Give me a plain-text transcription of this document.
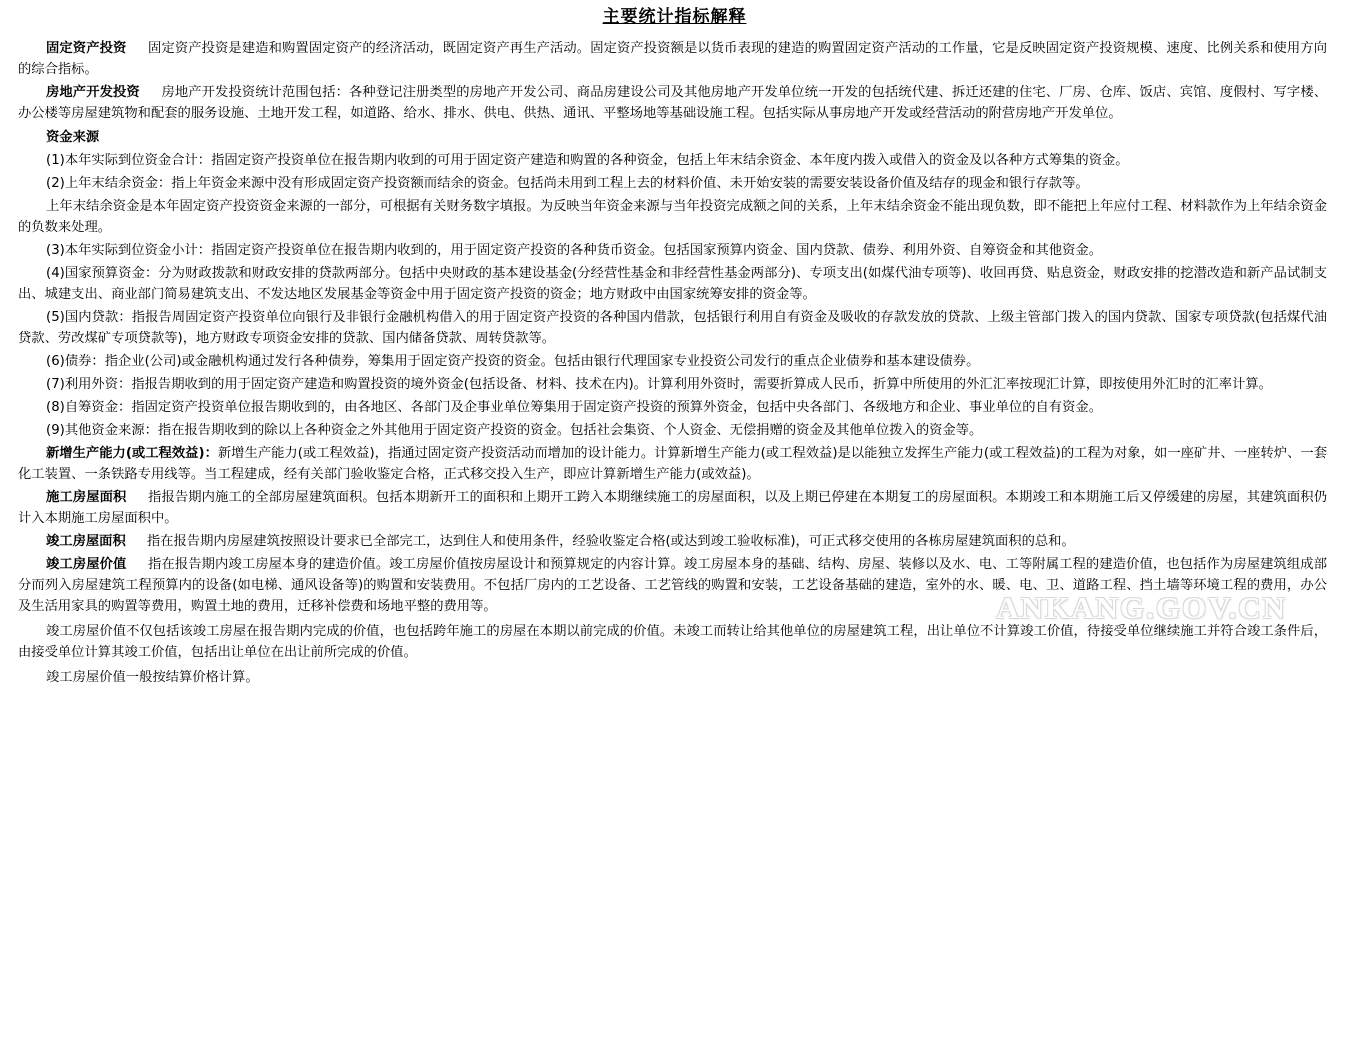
主要统计指标解释

固定资产投资 固定资产投资是建造和购置固定资产的经济活动，既固定资产再生产活动。固定资产投资额是以货币表现的建造的购置固定资产活动的工作量，它是反映固定资产投资规模、速度、比例关系和使用方向的综合指标。

房地产开发投资 房地产开发投资统计范围包括：各种登记注册类型的房地产开发公司、商品房建设公司及其他房地产开发单位统一开发的包括统代建、拆迁还建的住宅、厂房、仓库、饭店、宾馆、度假村、写字楼、办公楼等房屋建筑物和配套的服务设施、土地开发工程，如道路、给水、排水、供电、供热、通讯、平整场地等基础设施工程。包括实际从事房地产开发或经营活动的附营房地产开发单位。

资金来源

(1)本年实际到位资金合计：指固定资产投资单位在报告期内收到的可用于固定资产建造和购置的各种资金，包括上年末结余资金、本年度内拨入或借入的资金及以各种方式筹集的资金。

(2)上年末结余资金：指上年资金来源中没有形成固定资产投资额而结余的资金。包括尚未用到工程上去的材料价值、未开始安装的需要安装设备价值及结存的现金和银行存款等。

上年末结余资金是本年固定资产投资资金来源的一部分，可根据有关财务数字填报。为反映当年资金来源与当年投资完成额之间的关系，上年末结余资金不能出现负数，即不能把上年应付工程、材料款作为上年结余资金的负数来处理。

(3)本年实际到位资金小计：指固定资产投资单位在报告期内收到的，用于固定资产投资的各种货币资金。包括国家预算内资金、国内贷款、债券、利用外资、自筹资金和其他资金。

(4)国家预算资金：分为财政拨款和财政安排的贷款两部分。包括中央财政的基本建设基金(分经营性基金和非经营性基金两部分)、专项支出(如煤代油专项等)、收回再贷、贴息资金，财政安排的挖潜改造和新产品试制支出、城建支出、商业部门简易建筑支出、不发达地区发展基金等资金中用于固定资产投资的资金；地方财政中由国家统筹安排的资金等。

(5)国内贷款：指报告周固定资产投资单位向银行及非银行金融机构借入的用于固定资产投资的各种国内借款，包括银行利用自有资金及吸收的存款发放的贷款、上级主管部门拨入的国内贷款、国家专项贷款(包括煤代油贷款、劳改煤矿专项贷款等)，地方财政专项资金安排的贷款、国内储备贷款、周转贷款等。

(6)债券：指企业(公司)或金融机构通过发行各种债券，筹集用于固定资产投资的资金。包括由银行代理国家专业投资公司发行的重点企业债券和基本建设债券。

(7)利用外资：指报告期收到的用于固定资产建造和购置投资的境外资金(包括设备、材料、技术在内)。计算利用外资时，需要折算成人民币，折算中所使用的外汇汇率按现汇计算，即按使用外汇时的汇率计算。

(8)自筹资金：指固定资产投资单位报告期收到的，由各地区、各部门及企事业单位筹集用于固定资产投资的预算外资金，包括中央各部门、各级地方和企业、事业单位的自有资金。

(9)其他资金来源：指在报告期收到的除以上各种资金之外其他用于固定资产投资的资金。包括社会集资、个人资金、无偿捐赠的资金及其他单位拨入的资金等。

新增生产能力(或工程效益)：新增生产能力(或工程效益)，指通过固定资产投资活动而增加的设计能力。计算新增生产能力(或工程效益)是以能独立发挥生产能力(或工程效益)的工程为对象，如一座矿井、一座转炉、一套化工装置、一条铁路专用线等。当工程建成，经有关部门验收鉴定合格，正式移交投入生产，即应计算新增生产能力(或效益)。

施工房屋面积 指报告期内施工的全部房屋建筑面积。包括本期新开工的面积和上期开工跨入本期继续施工的房屋面积，以及上期已停建在本期复工的房屋面积。本期竣工和本期施工后又停缓建的房屋，其建筑面积仍计入本期施工房屋面积中。

竣工房屋面积 指在报告期内房屋建筑按照设计要求已全部完工，达到住人和使用条件，经验收鉴定合格(或达到竣工验收标准)，可正式移交使用的各栋房屋建筑面积的总和。

竣工房屋价值 指在报告期内竣工房屋本身的建造价值。竣工房屋价值按房屋设计和预算规定的内容计算。竣工房屋本身的基础、结构、房屋、装修以及水、电、工等附属工程的建造价值，也包括作为房屋建筑组成部分而列入房屋建筑工程预算内的设备(如电梯、通风设备等)的购置和安装费用。不包括厂房内的工艺设备、工艺管线的购置和安装，工艺设备基础的建造，室外的水、暖、电、卫、道路工程、挡土墙等环境工程的费用，办公及生活用家具的购置等费用，购置土地的费用，迁移补偿费和场地平整的费用等。

竣工房屋价值不仅包括该竣工房屋在报告期内完成的价值，也包括跨年施工的房屋在本期以前完成的价值。未竣工而转让给其他单位的房屋建筑工程，出让单位不计算竣工价值，待接受单位继续施工并符合竣工条件后，由接受单位计算其竣工价值，包括出让单位在出让前所完成的价值。

竣工房屋价值一般按结算价格计算。

ANKANG.GOV.CN
